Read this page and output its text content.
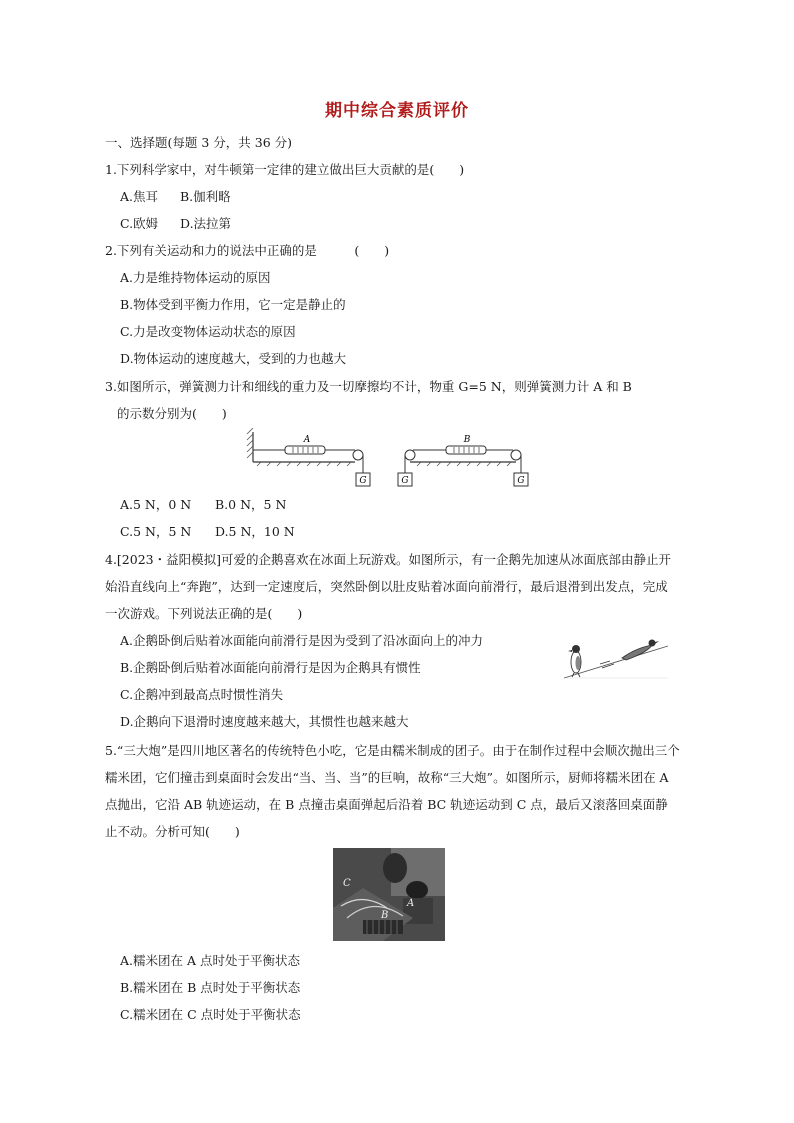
期中综合素质评价
一、选择题(每题 3 分，共 36 分)
1.下列科学家中，对牛顿第一定律的建立做出巨大贡献的是(　　)
A.焦耳 B.伽利略
C.欧姆 D.法拉第
2.下列有关运动和力的说法中正确的是　　　(　　)
A.力是维持物体运动的原因
B.物体受到平衡力作用，它一定是静止的
C.力是改变物体运动状态的原因
D.物体运动的速度越大，受到的力也越大
3.如图所示，弹簧测力计和细线的重力及一切摩擦均不计，物重 G=5 N，则弹簧测力计 A 和 B
的示数分别为(　　)
G
A
G	G
B
A.5 N，0 N B.0 N，5 N
C.5 N，5 N D.5 N，10 N
4.[2023・益阳模拟]可爱的企鹅喜欢在冰面上玩游戏。如图所示，有一企鹅先加速从冰面底部由静止开始沿直线向上“奔跑”，达到一定速度后，突然卧倒以肚皮贴着冰面向前滑行，最后退滑到出发点，完成一次游戏。下列说法正确的是(　　)
A.企鹅卧倒后贴着冰面能向前滑行是因为受到了沿冰面向上的冲力
B.企鹅卧倒后贴着冰面能向前滑行是因为企鹅具有惯性
C.企鹅冲到最高点时惯性消失
D.企鹅向下退滑时速度越来越大，其惯性也越来越大
5.“三大炮”是四川地区著名的传统特色小吃，它是由糯米制成的团子。由于在制作过程中会顺次抛出三个糯米团，它们撞击到桌面时会发出“当、当、当”的巨响，故称“三大炮”。如图所示，厨师将糯米团在 A 点抛出，它沿 AB 轨迹运动，在 B 点撞击桌面弹起后沿着 BC 轨迹运动到 C 点，最后又滚落回桌面静止不动。分析可知(　　)
C
B
A
A.糯米团在 A 点时处于平衡状态
B.糯米团在 B 点时处于平衡状态
C.糯米团在 C 点时处于平衡状态
